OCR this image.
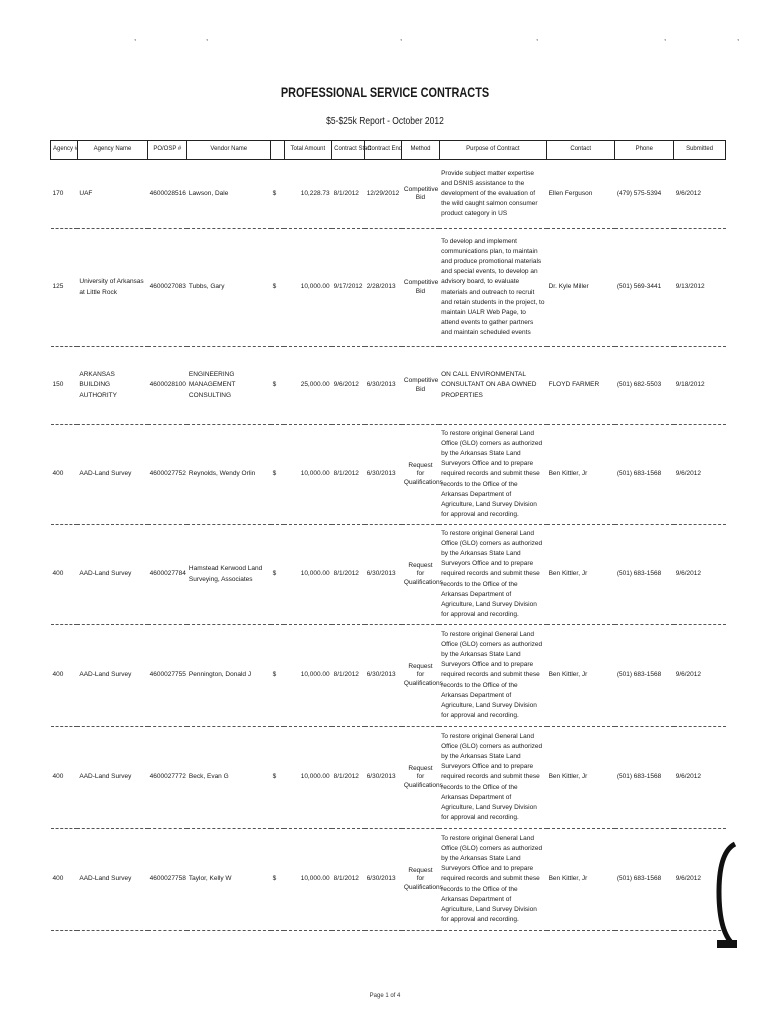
,	,	,	,	,	,
PROFESSIONAL SERVICE CONTRACTS
$5-$25k Report - October 2012
Agency #	Agency Name	PO/OSP #	Vendor Name		Total Amount	Contract Start	Contract End	Method	Purpose of Contract	Contact	Phone	Submitted
170	UAF	4600028516	Lawson, Dale	$	10,228.73	8/1/2012	12/29/2012	Competitive Bid	Provide subject matter expertise and DSNIS assistance to the development of the evaluation of the wild caught salmon consumer product category in US	Ellen Ferguson	(479) 575-5394	9/6/2012
125	University of Arkansas at Little Rock	4600027083	Tubbs, Gary	$	10,000.00	9/17/2012	2/28/2013	Competitive Bid	To develop and implement communications plan, to maintain and produce promotional materials and special events, to develop an advisory board, to evaluate materials and outreach to recruit and retain students in the project, to maintain UALR Web Page, to attend events to gather partners and maintain scheduled events	Dr. Kyle Miller	(501) 569-3441	9/13/2012
150	ARKANSAS BUILDING AUTHORITY	4600028100	ENGINEERING MANAGEMENT CONSULTING	$	25,000.00	9/6/2012	6/30/2013	Competitive Bid	ON CALL ENVIRONMENTAL CONSULTANT ON ABA OWNED PROPERTIES	FLOYD FARMER	(501) 682-5503	9/18/2012
400	AAD-Land Survey	4600027752	Reynolds, Wendy Orlin	$	10,000.00	8/1/2012	6/30/2013	Request for Qualifications	To restore original General Land Office (GLO) corners as authorized by the Arkansas State Land Surveyors Office and to prepare required records and submit these records to the Office of the Arkansas Department of Agriculture, Land Survey Division for approval and recording.	Ben Kittler, Jr	(501) 683-1568	9/6/2012
400	AAD-Land Survey	4600027784	Hamstead Kerwood Land Surveying, Associates	$	10,000.00	8/1/2012	6/30/2013	Request for Qualifications	To restore original General Land Office (GLO) corners as authorized by the Arkansas State Land Surveyors Office and to prepare required records and submit these records to the Office of the Arkansas Department of Agriculture, Land Survey Division for approval and recording.	Ben Kittler, Jr	(501) 683-1568	9/6/2012
400	AAD-Land Survey	4600027755	Pennington, Donald J	$	10,000.00	8/1/2012	6/30/2013	Request for Qualifications	To restore original General Land Office (GLO) corners as authorized by the Arkansas State Land Surveyors Office and to prepare required records and submit these records to the Office of the Arkansas Department of Agriculture, Land Survey Division for approval and recording.	Ben Kittler, Jr	(501) 683-1568	9/6/2012
400	AAD-Land Survey	4600027772	Beck, Evan G	$	10,000.00	8/1/2012	6/30/2013	Request for Qualifications	To restore original General Land Office (GLO) corners as authorized by the Arkansas State Land Surveyors Office and to prepare required records and submit these records to the Office of the Arkansas Department of Agriculture, Land Survey Division for approval and recording.	Ben Kittler, Jr	(501) 683-1568	9/6/2012
400	AAD-Land Survey	4600027758	Taylor, Kelly W	$	10,000.00	8/1/2012	6/30/2013	Request for Qualifications	To restore original General Land Office (GLO) corners as authorized by the Arkansas State Land Surveyors Office and to prepare required records and submit these records to the Office of the Arkansas Department of Agriculture, Land Survey Division for approval and recording.	Ben Kittler, Jr	(501) 683-1568	9/6/2012
Page 1 of 4
